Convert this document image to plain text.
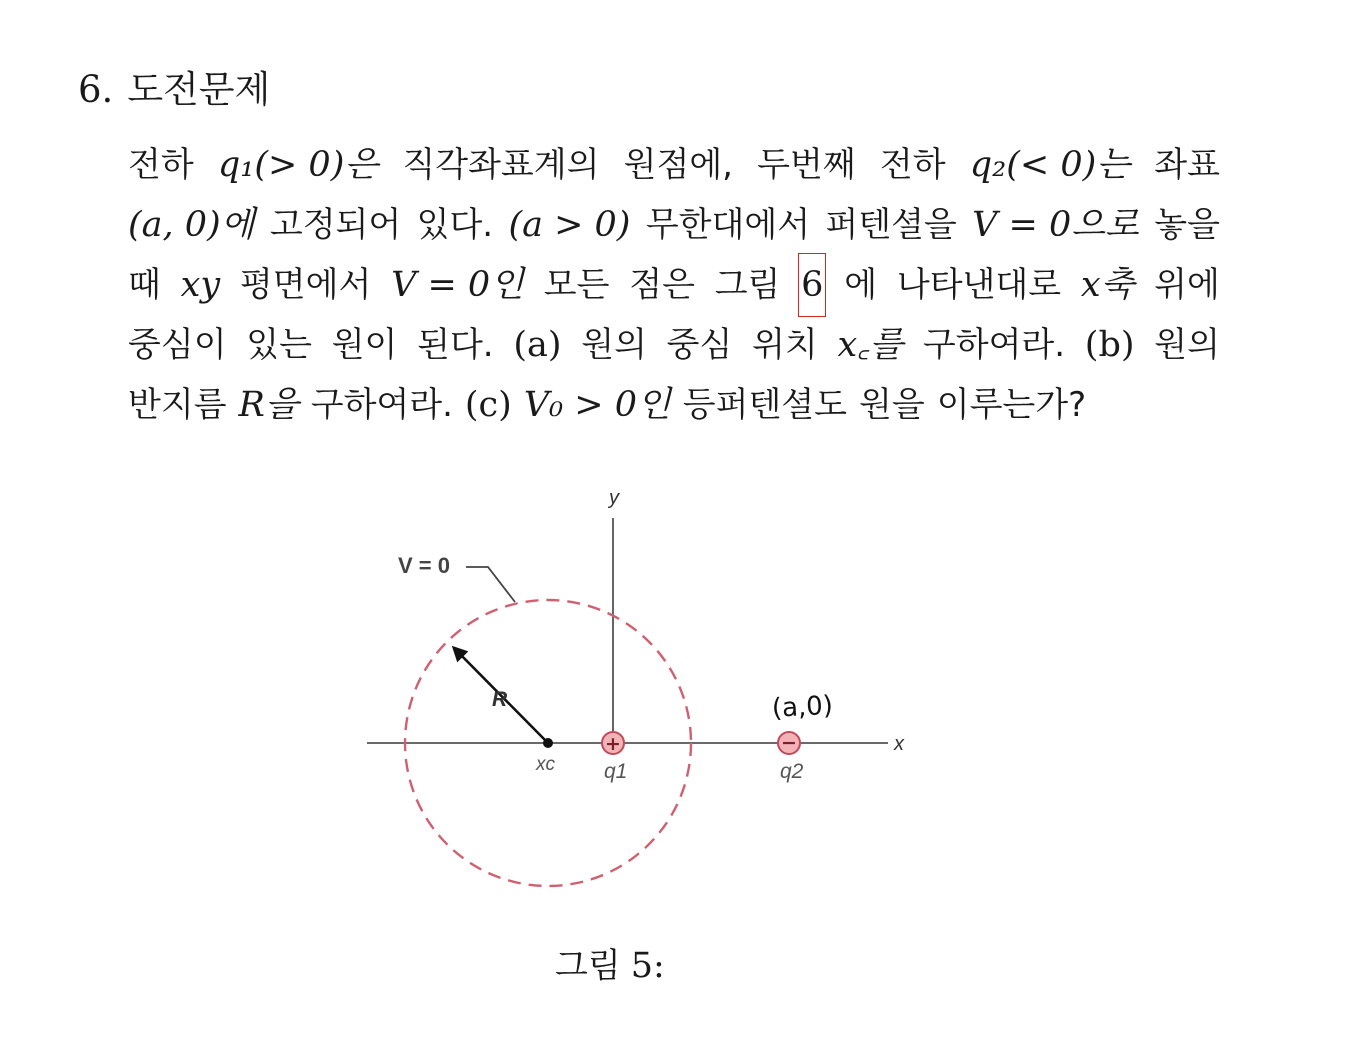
6. 도전문제
전하 q₁(> 0)은 직각좌표계의 원점에, 두번째 전하 q₂(< 0)는 좌표
(a, 0)에 고정되어 있다. (a > 0) 무한대에서 퍼텐셜을 V = 0으로 놓을
때 xy 평면에서 V = 0인 모든 점은 그림 6 에 나타낸대로 x축 위에
중심이 있는 원이 된다. (a) 원의 중심 위치 x꜀를 구하여라. (b) 원의
반지름 R을 구하여라. (c) V₀ > 0인 등퍼텐셜도 원을 이루는가?
y
x
V = 0
R
xc
+
q1
−
q2
(a,0)
그림 5:
